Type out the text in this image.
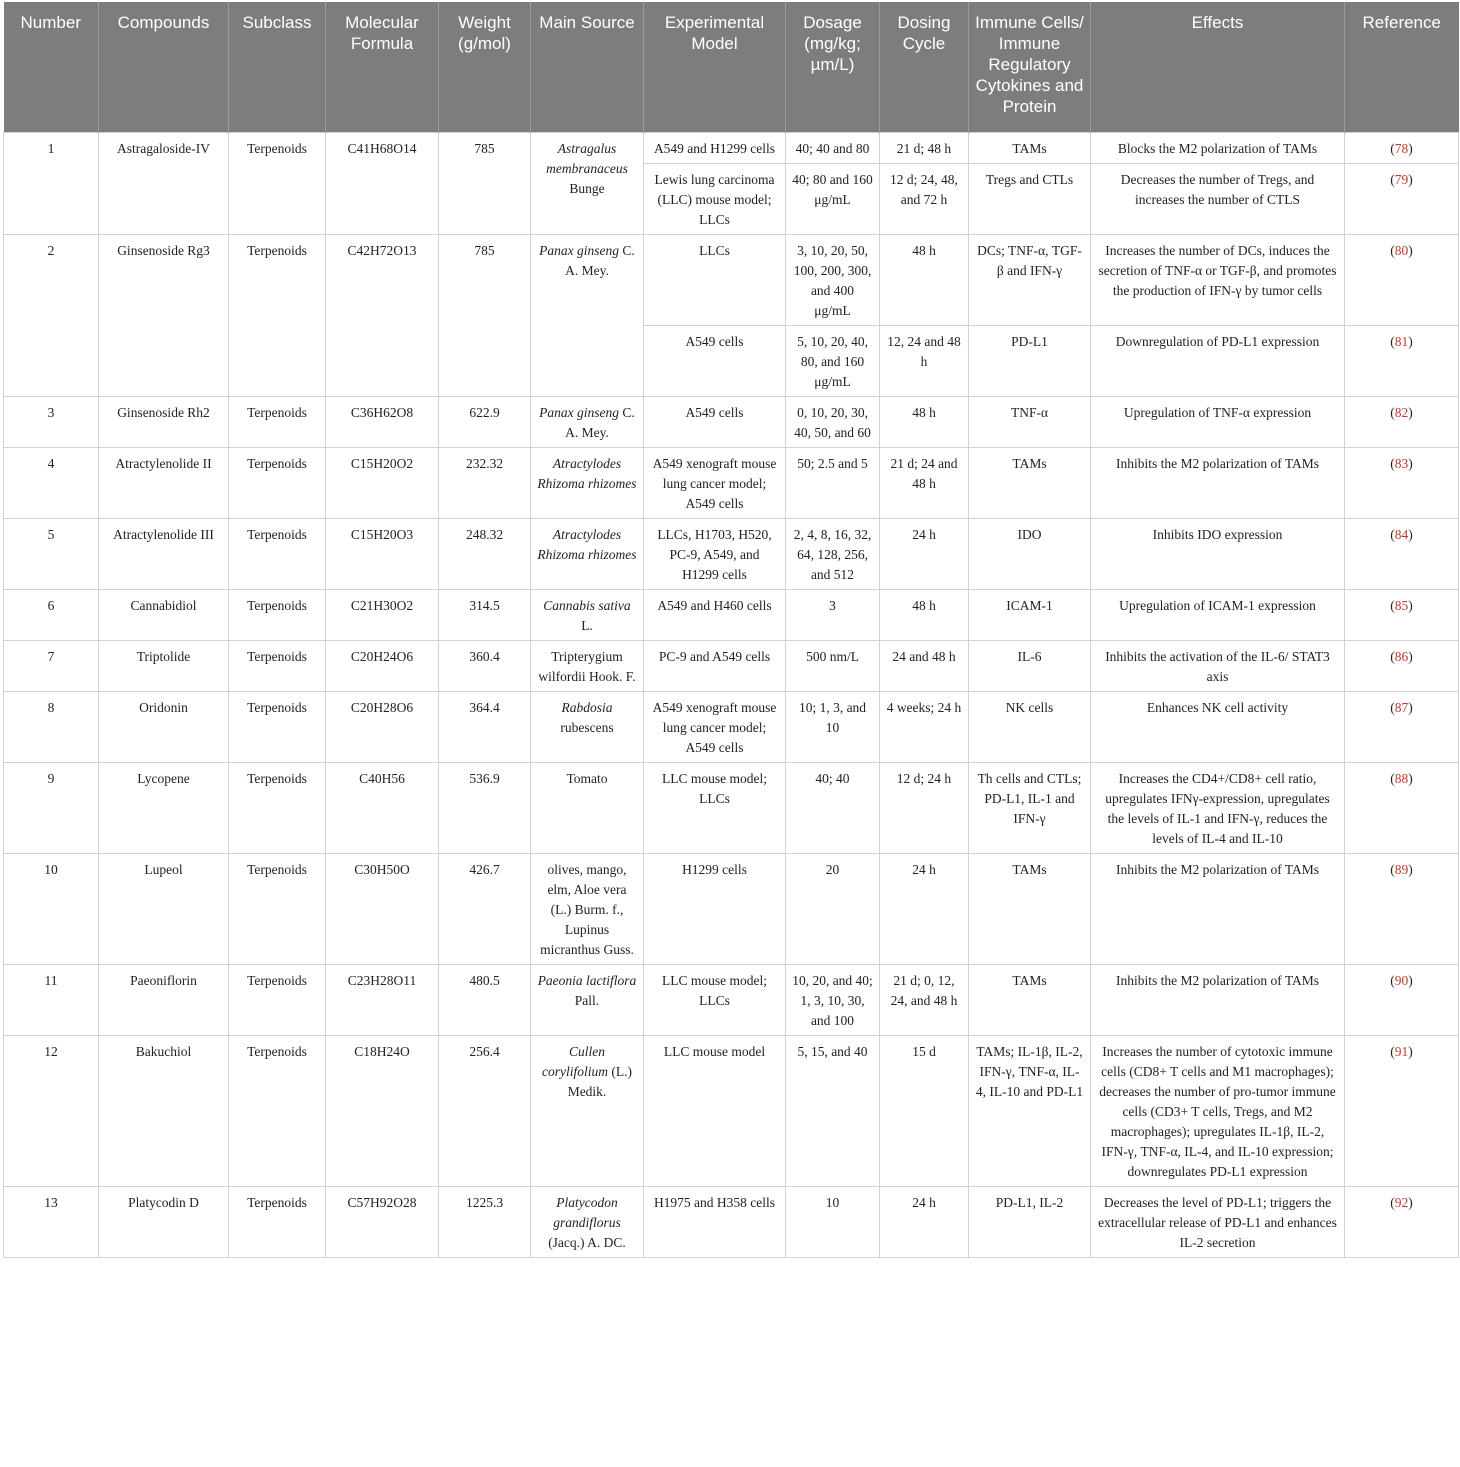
Number	Compounds	Subclass	Molecular Formula	Weight (g/mol)	Main Source	Experimental Model	Dosage (mg/kg; µm/L)	Dosing Cycle	Immune Cells/ Immune Regulatory Cytokines and Protein	Effects	Reference
1	Astragaloside-IV	Terpenoids	C41H68O14	785	Astragalus membranaceus Bunge	A549 and H1299 cells	40; 40 and 80	21 d; 48 h	TAMs	Blocks the M2 polarization of TAMs	(78)
						Lewis lung carcinoma (LLC) mouse model; LLCs	40; 80 and 160 μg/mL	12 d; 24, 48, and 72 h	Tregs and CTLs	Decreases the number of Tregs, and increases the number of CTLS	(79)
2	Ginsenoside Rg3	Terpenoids	C42H72O13	785	Panax ginseng C. A. Mey.	LLCs	3, 10, 20, 50, 100, 200, 300, and 400 μg/mL	48 h	DCs; TNF-α, TGF-β and IFN-γ	Increases the number of DCs, induces the secretion of TNF-α or TGF-β, and promotes the production of IFN-γ by tumor cells	(80)
						A549 cells	5, 10, 20, 40, 80, and 160 μg/mL	12, 24 and 48 h	PD-L1	Downregulation of PD-L1 expression	(81)
3	Ginsenoside Rh2	Terpenoids	C36H62O8	622.9	Panax ginseng C. A. Mey.	A549 cells	0, 10, 20, 30, 40, 50, and 60	48 h	TNF-α	Upregulation of TNF-α expression	(82)
4	Atractylenolide II	Terpenoids	C15H20O2	232.32	Atractylodes Rhizoma rhizomes	A549 xenograft mouse lung cancer model; A549 cells	50; 2.5 and 5	21 d; 24 and 48 h	TAMs	Inhibits the M2 polarization of TAMs	(83)
5	Atractylenolide III	Terpenoids	C15H20O3	248.32	Atractylodes Rhizoma rhizomes	LLCs, H1703, H520, PC-9, A549, and H1299 cells	2, 4, 8, 16, 32, 64, 128, 256, and 512	24 h	IDO	Inhibits IDO expression	(84)
6	Cannabidiol	Terpenoids	C21H30O2	314.5	Cannabis sativa L.	A549 and H460 cells	3	48 h	ICAM-1	Upregulation of ICAM-1 expression	(85)
7	Triptolide	Terpenoids	C20H24O6	360.4	Tripterygium wilfordii Hook. F.	PC-9 and A549 cells	500 nm/L	24 and 48 h	IL-6	Inhibits the activation of the IL-6/ STAT3 axis	(86)
8	Oridonin	Terpenoids	C20H28O6	364.4	Rabdosia rubescens	A549 xenograft mouse lung cancer model; A549 cells	10; 1, 3, and 10	4 weeks; 24 h	NK cells	Enhances NK cell activity	(87)
9	Lycopene	Terpenoids	C40H56	536.9	Tomato	LLC mouse model; LLCs	40; 40	12 d; 24 h	Th cells and CTLs; PD-L1, IL-1 and IFN-γ	Increases the CD4+/CD8+ cell ratio, upregulates IFNγ-expression, upregulates the levels of IL-1 and IFN-γ, reduces the levels of IL-4 and IL-10	(88)
10	Lupeol	Terpenoids	C30H50O	426.7	olives, mango, elm, Aloe vera (L.) Burm. f., Lupinus micranthus Guss.	H1299 cells	20	24 h	TAMs	Inhibits the M2 polarization of TAMs	(89)
11	Paeoniflorin	Terpenoids	C23H28O11	480.5	Paeonia lactiflora Pall.	LLC mouse model; LLCs	10, 20, and 40; 1, 3, 10, 30, and 100	21 d; 0, 12, 24, and 48 h	TAMs	Inhibits the M2 polarization of TAMs	(90)
12	Bakuchiol	Terpenoids	C18H24O	256.4	Cullen corylifolium (L.) Medik.	LLC mouse model	5, 15, and 40	15 d	TAMs; IL-1β, IL-2, IFN-γ, TNF-α, IL-4, IL-10 and PD-L1	Increases the number of cytotoxic immune cells (CD8+ T cells and M1 macrophages); decreases the number of pro-tumor immune cells (CD3+ T cells, Tregs, and M2 macrophages); upregulates IL-1β, IL-2, IFN-γ, TNF-α, IL-4, and IL-10 expression; downregulates PD-L1 expression	(91)
13	Platycodin D	Terpenoids	C57H92O28	1225.3	Platycodon grandiflorus (Jacq.) A. DC.	H1975 and H358 cells	10	24 h	PD-L1, IL-2	Decreases the level of PD-L1; triggers the extracellular release of PD-L1 and enhances IL-2 secretion	(92)
